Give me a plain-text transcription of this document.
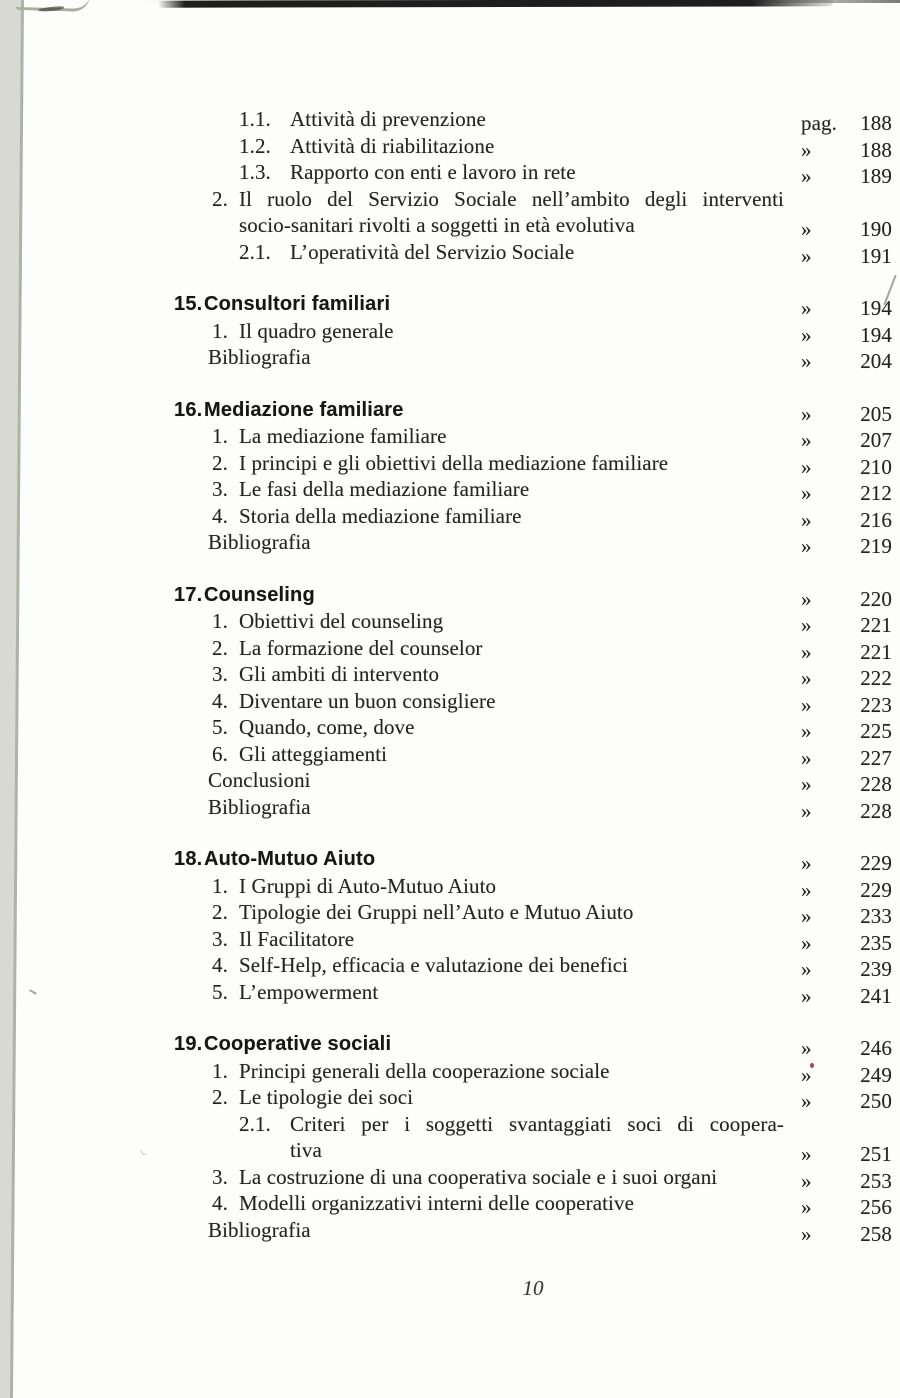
1.1. Attività di prevenzione	pag.	188
1.2. Attività di riabilitazione	»	188
1.3. Rapporto con enti e lavoro in rete	»	189
2. Il ruolo del Servizio Sociale nell’ambito degli interventi
socio-sanitari rivolti a soggetti in età evolutiva	»	190
2.1. L’operatività del Servizio Sociale	»	191
15. Consultori familiari	»	194
1. Il quadro generale	»	194
Bibliografia	»	204
16. Mediazione familiare	»	205
1. La mediazione familiare	»	207
2. I principi e gli obiettivi della mediazione familiare	»	210
3. Le fasi della mediazione familiare	»	212
4. Storia della mediazione familiare	»	216
Bibliografia	»	219
17. Counseling	»	220
1. Obiettivi del counseling	»	221
2. La formazione del counselor	»	221
3. Gli ambiti di intervento	»	222
4. Diventare un buon consigliere	»	223
5. Quando, come, dove	»	225
6. Gli atteggiamenti	»	227
Conclusioni	»	228
Bibliografia	»	228
18. Auto-Mutuo Aiuto	»	229
1. I Gruppi di Auto-Mutuo Aiuto	»	229
2. Tipologie dei Gruppi nell’Auto e Mutuo Aiuto	»	233
3. Il Facilitatore	»	235
4. Self-Help, efficacia e valutazione dei benefici	»	239
5. L’empowerment	»	241
19. Cooperative sociali	»	246
1. Principi generali della cooperazione sociale	»	249
2. Le tipologie dei soci	»	250
2.1. Criteri per i soggetti svantaggiati soci di coopera-
tiva	»	251
3. La costruzione di una cooperativa sociale e i suoi organi	»	253
4. Modelli organizzativi interni delle cooperative	»	256
Bibliografia	»	258
10
